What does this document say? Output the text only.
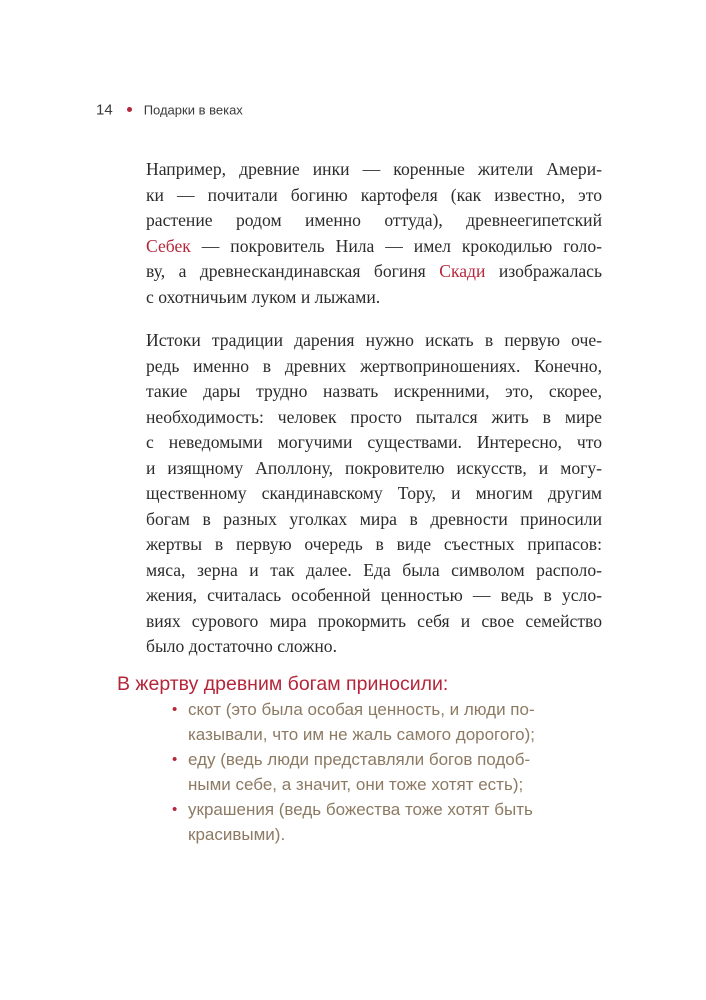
14 Подарки в веках
Например, древние инки — коренные жители Амери-
ки — почитали богиню картофеля (как известно, это
растение родом именно оттуда), древнеегипетский
Себек — покровитель Нила — имел крокодилью голо-
ву, а древнескандинавская богиня Скади изображалась
с охотничьим луком и лыжами.
Истоки традиции дарения нужно искать в первую оче-
редь именно в древних жертвоприношениях. Конечно,
такие дары трудно назвать искренними, это, скорее,
необходимость: человек просто пытался жить в мире
с неведомыми могучими существами. Интересно, что
и изящному Аполлону, покровителю искусств, и могу-
щественному скандинавскому Тору, и многим другим
богам в разных уголках мира в древности приносили
жертвы в первую очередь в виде съестных припасов:
мяса, зерна и так далее. Еда была символом располо-
жения, считалась особенной ценностью — ведь в усло-
виях сурового мира прокормить себя и свое семейство
было достаточно сложно.
В жертву древним богам приносили:
• скот (это была особая ценность, и люди по-
казывали, что им не жаль самого дорогого);
• еду (ведь люди представляли богов подоб-
ными себе, а значит, они тоже хотят есть);
• украшения (ведь божества тоже хотят быть
красивыми).
